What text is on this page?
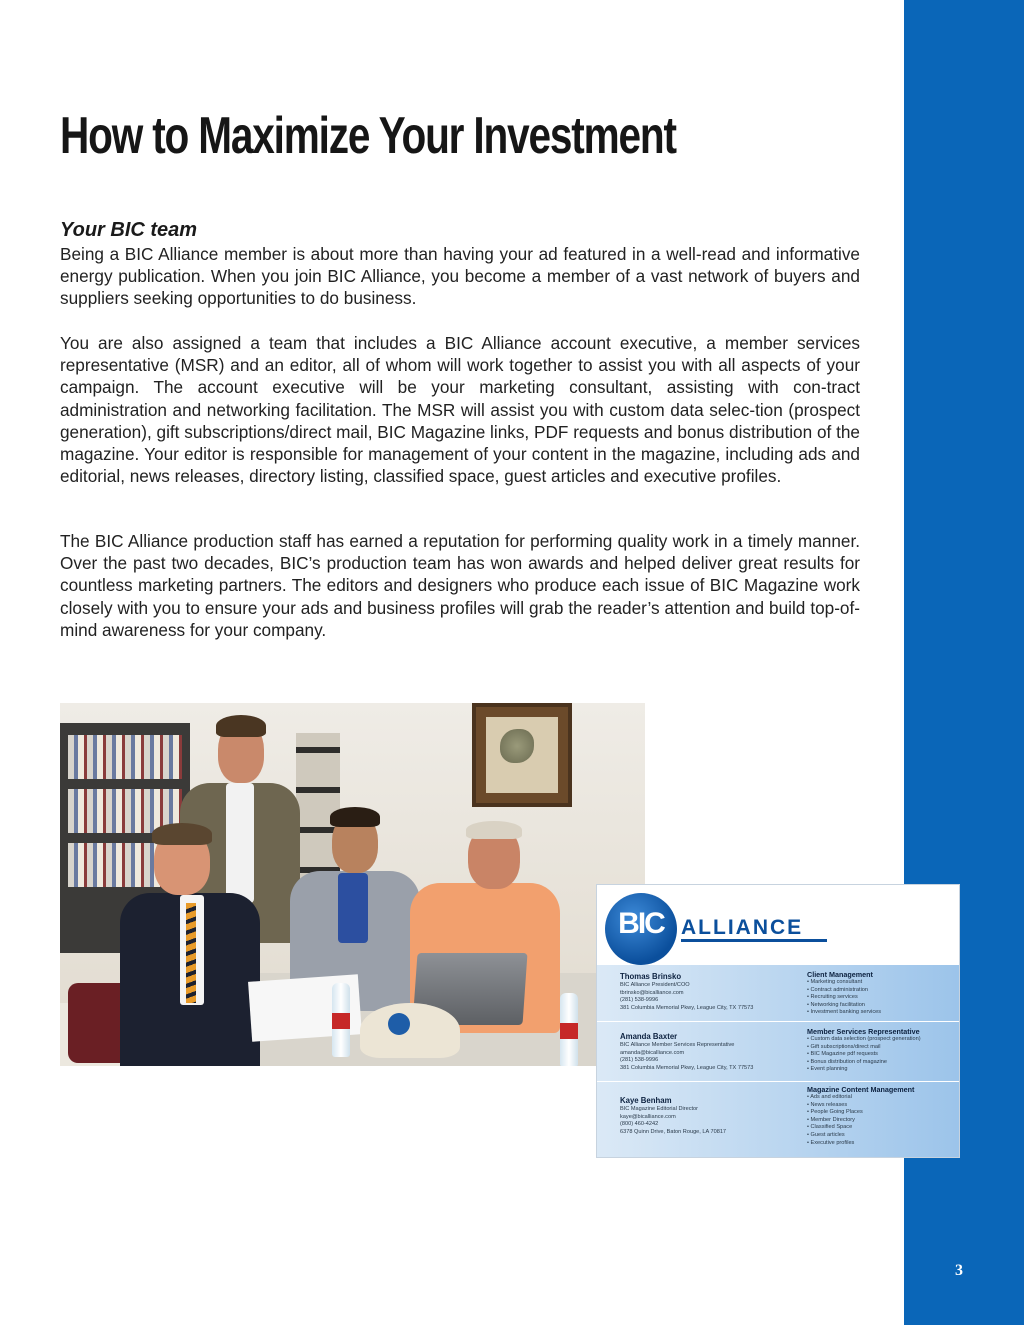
3
How to Maximize Your Investment
Your BIC team

Being a BIC Alliance member is about more than having your ad featured in a well-read and informative energy publication. When you join BIC Alliance, you become a member of a vast network of buyers and suppliers seeking opportunities to do business.

You are also assigned a team that includes a BIC Alliance account executive, a member services representative (MSR) and an editor, all of whom will work together to assist you with all aspects of your campaign. The account executive will be your marketing consultant, assisting with con-tract administration and networking facilitation. The MSR will assist you with custom data selec-tion (prospect generation), gift subscriptions/direct mail, BIC Magazine links, PDF requests and bonus distribution of the magazine. Your editor is responsible for management of your content in the magazine, including ads and editorial, news releases, directory listing, classified space, guest articles and executive profiles.

The BIC Alliance production staff has earned a reputation for performing quality work in a timely manner. Over the past two decades, BIC’s production team has won awards and helped deliver great results for countless marketing partners. The editors and designers who produce each issue of BIC Magazine work closely with you to ensure your ads and business profiles will grab the reader’s attention and build top-of-mind awareness for your company.

BIC ALLIANCE
Thomas Brinsko
BIC Alliance President/COO
tbrinsko@bicalliance.com
(281) 538-9996
381 Columbia Memorial Pkwy, League City, TX 77573
Amanda Baxter
BIC Alliance Member Services Representative
amanda@bicalliance.com
(281) 538-9996
381 Columbia Memorial Pkwy, League City, TX 77573
Kaye Benham
BIC Magazine Editorial Director
kaye@bicalliance.com
(800) 460-4242
6378 Quinn Drive, Baton Rouge, LA 70817
Client Management
• Marketing consultant
• Contract administration
• Recruiting services
• Networking facilitation
• Investment banking services
Member Services Representative
• Custom data selection (prospect generation)
• Gift subscriptions/direct mail
• BIC Magazine pdf requests
• Bonus distribution of magazine
• Event planning
Magazine Content Management
• Ads and editorial
• News releases
• People Going Places
• Member Directory
• Classified Space
• Guest articles
• Executive profiles
